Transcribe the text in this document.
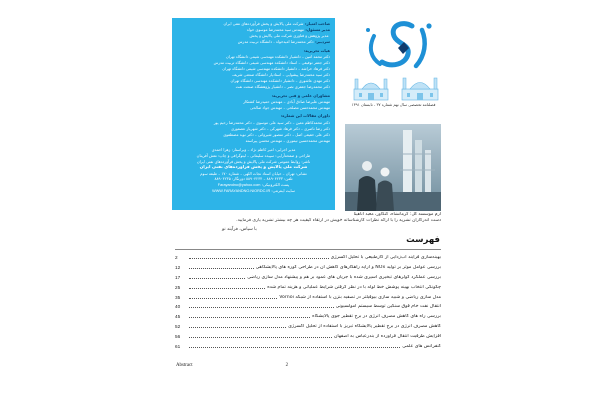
صاحب امتیاز:شرکت ملی پالایش و پخش فرآورده‌های نفتی ایران
مدیر مسئول:مهندس سید محمدرضا موسوی خواه
مدیر پژوهش و فناوری شرکت ملی پالایش و پخش
سردبیر:دکتر محمدرضا امیدخواه - دانشگاه تربیت مدرس
هیات تحریریه:
دکتر محمد امین – دانشیار دانشکده مهندسی شیمی دانشگاه تهران
دکتر جعفر توفیقی – استاد دانشکده مهندسی شیمی دانشگاه تربیت مدرس
دکتر فرهاد خراشه – دانشیار دانشکده مهندسی شیمی دانشگاه تهران
دکتر سید محمدرضا پیشوایی – استادیار دانشگاه صنعتی شریف
دکتر مهدی عاشوری – دانشیار دانشکده مهندسی دانشگاه تهران
دکتر محمدرضا جعفری نصر – دانشیار پژوهشگاه صنعت نفت
مشاوران علمی و فنی تحریریه:
مهندس علیرضا صادق آبادی – مهندس حمیدرضا کشتکار
مهندس محمدحسن مصلحی – مهندس جواد صالحی
داوران مقالات این شماره:
دکتر محمدکاظم معین – دکتر سید علی موسوی – دکتر محمدرضا رحیم پور
دکتر رضا ناصری – دکتر فرهاد شهرکی – دکتر شهریار عصفوری
دکتر علی حقیقی اصل – دکتر منصور شیروانی – دکتر نوید مصطفوی
مهندس محمدحسین تیموری – مهندس محسن پیراسته
مدیر اجرایی: امیر کاظم نژاد – ویراستار: زهرا احمدی
طراحی و صفحه‌آرایی: سپیده سلیمانی – لیتوگرافی و چاپ: نقش آفرینان
ناشر: روابط عمومی شرکت ملی پالایش و پخش فرآورده‌های نفتی ایران
شرکت ملی پالایش و پخش فرآورده‌های نفتی ایران
نشانی: تهران – خیابان استاد نجات اللهی – شماره ۱۷۰ – طبقه سوم
تلفن: ۸۸۹۰۴۲۳۳ – ۸۸۹۰۴۲۳۴ دورنگار: ۸۸۹۰۴۲۳۵
پست الکترونیکی: Farayandno@yahoo.com
سایت اینترنتی: WWW.FARAYANDNO.NIORDC.IR
فصلنامه تخصصی سال نهم شماره ۳۷ - تابستان ۱۳۹۱
آرم موسسه کل: کرمانشاه، کنگاور، معبد آناهیتا
دست اندرکاران نشریه را با ارائه نظرات کارشناسانه خویش در ارتقاء کیفیت هر چه بیشتر نشریه یاری فرمایید.
با سپاس، فرآیند نو
فهرست
بهینه‌سازی فرایند آب‌زدایی از گازطبیعی با تحلیل اکسرژی
2
بررسی عوامل موثر بر تولید NOx و ارایه راهکارهای کاهش آن در طراحی کوره های پالایشگاهی
12
بررسی عملکرد کولرهای تبخیری اسپری شده با جریان های عمود بر هم و پیشنهاد مدل سازی ریاضی
17
چگونگی انتخاب بهینه پوشش خط لوله با در نظر گرفتن شرایط عملیاتی و هزینه تمام شده
25
مدل سازی ریاضی و شبیه سازی بیوفیلتر در تصفیه بنزن با استفاده از شبکه Vornoi
35
انتقال نفت خام فوق سنگین توسط سیستم امولسیونی
40
بررسی راه های کاهش مصرف انرژی در برج تقطیر جوی پالایشگاه
45
کاهش مصرف انرژی در برج تقطیر پالایشگاه تبریز با استفاده از تحلیل اکسرژی
52
افزایش ظرفیت انتقال فرآورده از بندرعباس به اصفهان
56
کنفرانس های علمی
61
Abstract	2
